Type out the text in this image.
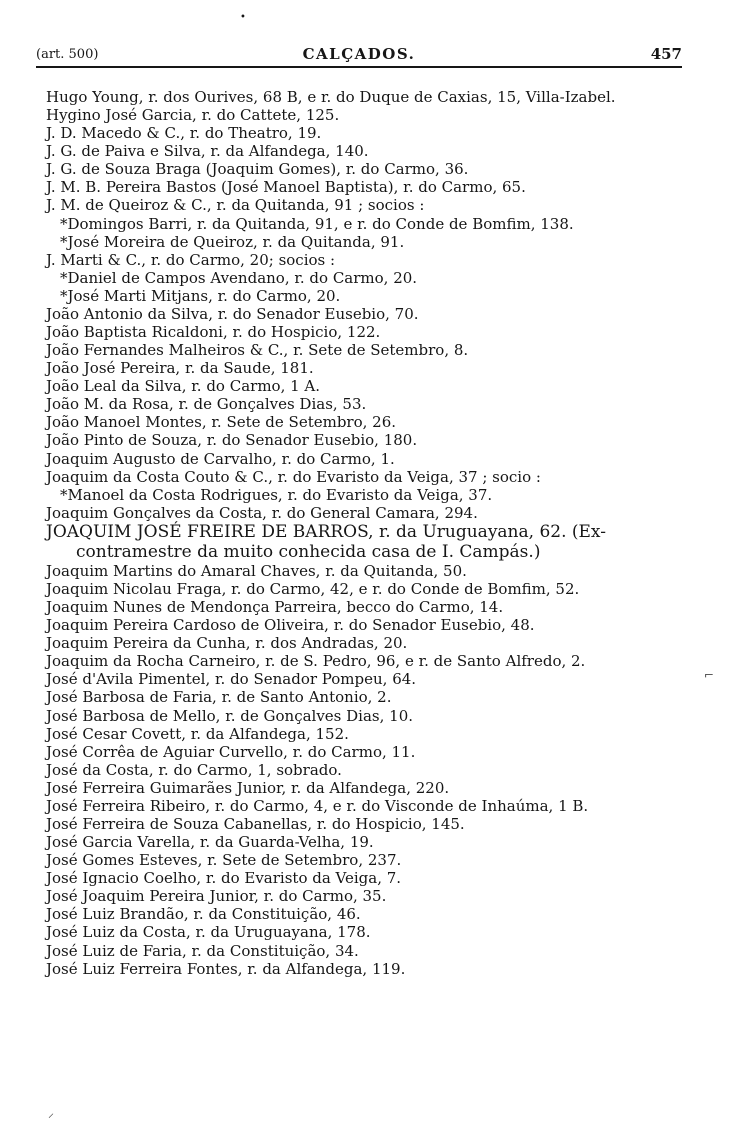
•
(art. 500)	CALÇADOS.	457
Hugo Young, r. dos Ourives, 68 B, e r. do Duque de Caxias, 15, Villa-Izabel.
Hygino José Garcia, r. do Cattete, 125.
J. D. Macedo & C., r. do Theatro, 19.
J. G. de Paiva e Silva, r. da Alfandega, 140.
J. G. de Souza Braga (Joaquim Gomes), r. do Carmo, 36.
J. M. B. Pereira Bastos (José Manoel Baptista), r. do Carmo, 65.
J. M. de Queiroz & C., r. da Quitanda, 91 ; socios :
*Domingos Barri, r. da Quitanda, 91, e r. do Conde de Bomfim, 138.
*José Moreira de Queiroz, r. da Quitanda, 91.
J. Marti & C., r. do Carmo, 20; socios :
*Daniel de Campos Avendano, r. do Carmo, 20.
*José Marti Mitjans, r. do Carmo, 20.
João Antonio da Silva, r. do Senador Eusebio, 70.
João Baptista Ricaldoni, r. do Hospicio, 122.
João Fernandes Malheiros & C., r. Sete de Setembro, 8.
João José Pereira, r. da Saude, 181.
João Leal da Silva, r. do Carmo, 1 A.
João M. da Rosa, r. de Gonçalves Dias, 53.
João Manoel Montes, r. Sete de Setembro, 26.
João Pinto de Souza, r. do Senador Eusebio, 180.
Joaquim Augusto de Carvalho, r. do Carmo, 1.
Joaquim da Costa Couto & C., r. do Evaristo da Veiga, 37 ; socio :
*Manoel da Costa Rodrigues, r. do Evaristo da Veiga, 37.
Joaquim Gonçalves da Costa, r. do General Camara, 294.
JOAQUIM JOSÉ FREIRE DE BARROS, r. da Uruguayana, 62. (Ex-
contramestre da muito conhecida casa de I. Campás.)
Joaquim Martins do Amaral Chaves, r. da Quitanda, 50.
Joaquim Nicolau Fraga, r. do Carmo, 42, e r. do Conde de Bomfim, 52.
Joaquim Nunes de Mendonça Parreira, becco do Carmo, 14.
Joaquim Pereira Cardoso de Oliveira, r. do Senador Eusebio, 48.
Joaquim Pereira da Cunha, r. dos Andradas, 20.
Joaquim da Rocha Carneiro, r. de S. Pedro, 96, e r. de Santo Alfredo, 2.
José d'Avila Pimentel, r. do Senador Pompeu, 64.
José Barbosa de Faria, r. de Santo Antonio, 2.
José Barbosa de Mello, r. de Gonçalves Dias, 10.
José Cesar Covett, r. da Alfandega, 152.
José Corrêa de Aguiar Curvello, r. do Carmo, 11.
José da Costa, r. do Carmo, 1, sobrado.
José Ferreira Guimarães Junior, r. da Alfandega, 220.
José Ferreira Ribeiro, r. do Carmo, 4, e r. do Visconde de Inhaúma, 1 B.
José Ferreira de Souza Cabanellas, r. do Hospicio, 145.
José Garcia Varella, r. da Guarda-Velha, 19.
José Gomes Esteves, r. Sete de Setembro, 237.
José Ignacio Coelho, r. do Evaristo da Veiga, 7.
José Joaquim Pereira Junior, r. do Carmo, 35.
José Luiz Brandão, r. da Constituição, 46.
José Luiz da Costa, r. da Uruguayana, 178.
José Luiz de Faria, r. da Constituição, 34.
José Luiz Ferreira Fontes, r. da Alfandega, 119.
⌐
⸝
